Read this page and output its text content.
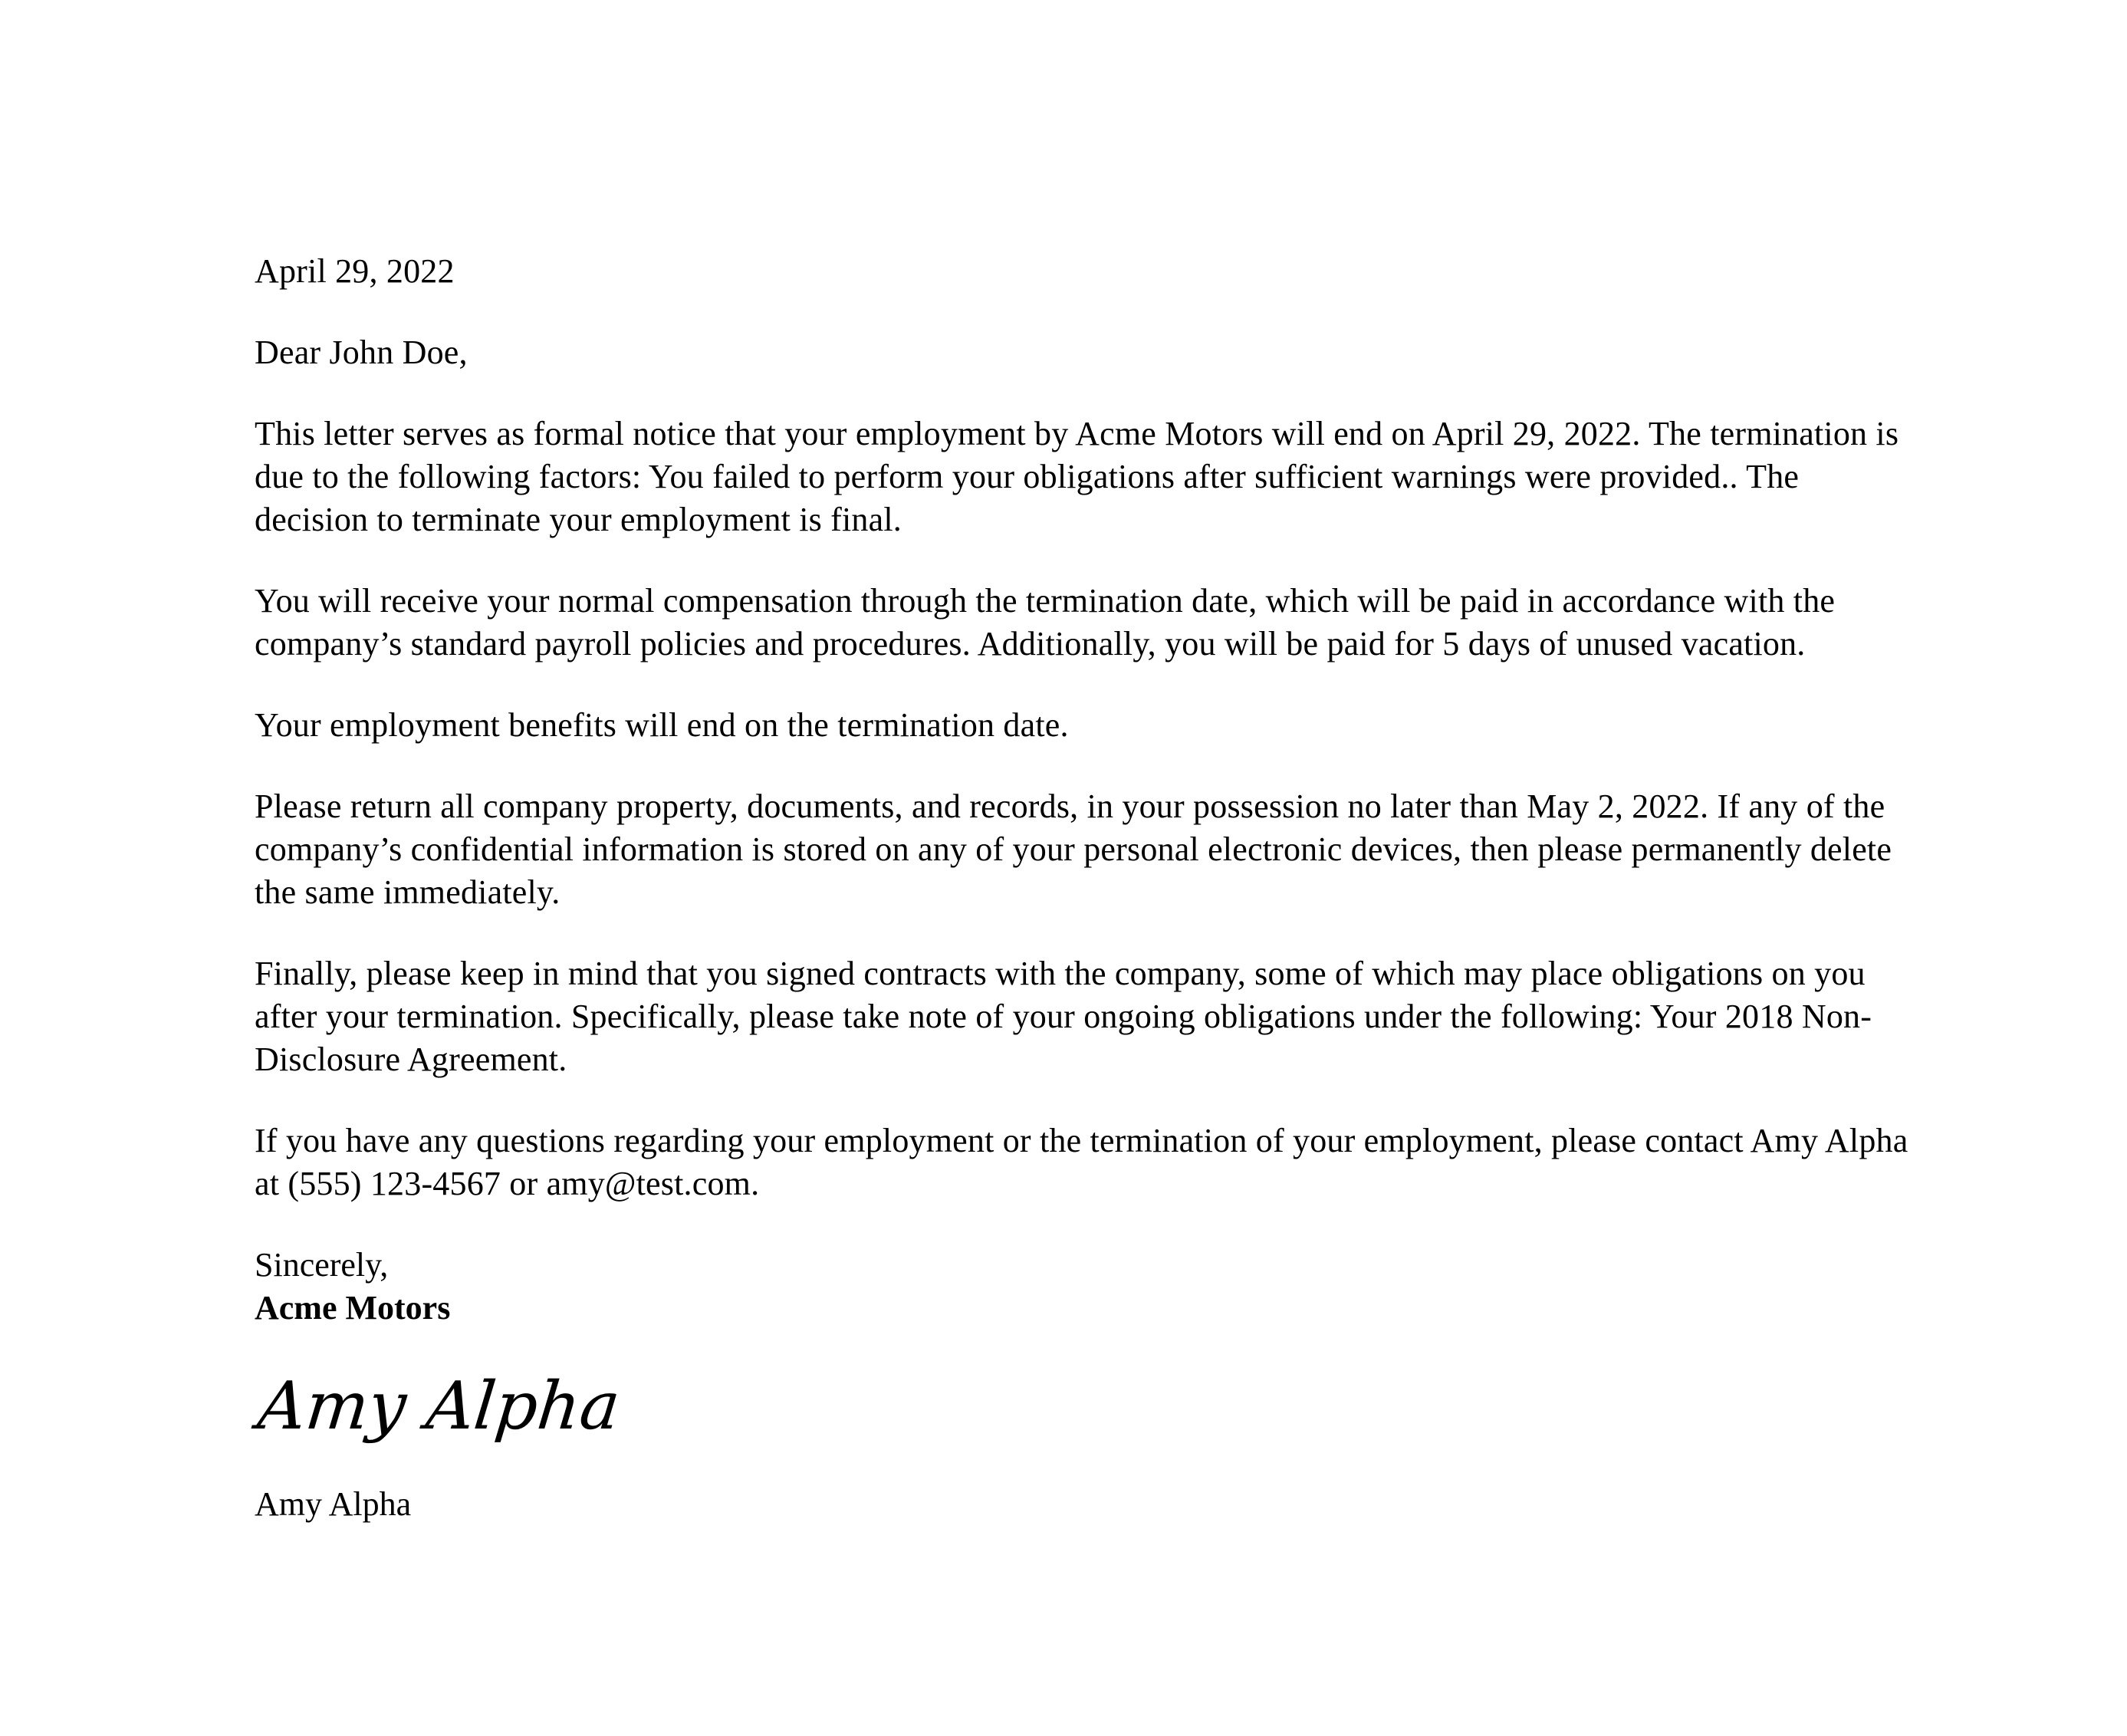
April 29, 2022

Dear John Doe,

This letter serves as formal notice that your employment by Acme Motors will end on April 29, 2022. The termination is due to the following factors: You failed to perform your obligations after sufficient warnings were provided.. The decision to terminate your employment is final.

You will receive your normal compensation through the termination date, which will be paid in accordance with the company’s standard payroll policies and procedures. Additionally, you will be paid for 5 days of unused vacation.

Your employment benefits will end on the termination date.

Please return all company property, documents, and records, in your possession no later than May 2, 2022. If any of the company’s confidential information is stored on any of your personal electronic devices, then please permanently delete the same immediately.

Finally, please keep in mind that you signed contracts with the company, some of which may place obligations on you after your termination. Specifically, please take note of your ongoing obligations under the following: Your 2018 Non-Disclosure Agreement.

If you have any questions regarding your employment or the termination of your employment, please contact Amy Alpha at (555) 123-4567 or amy@test.com.

Sincerely,
Acme Motors
Amy Alpha

Amy Alpha
